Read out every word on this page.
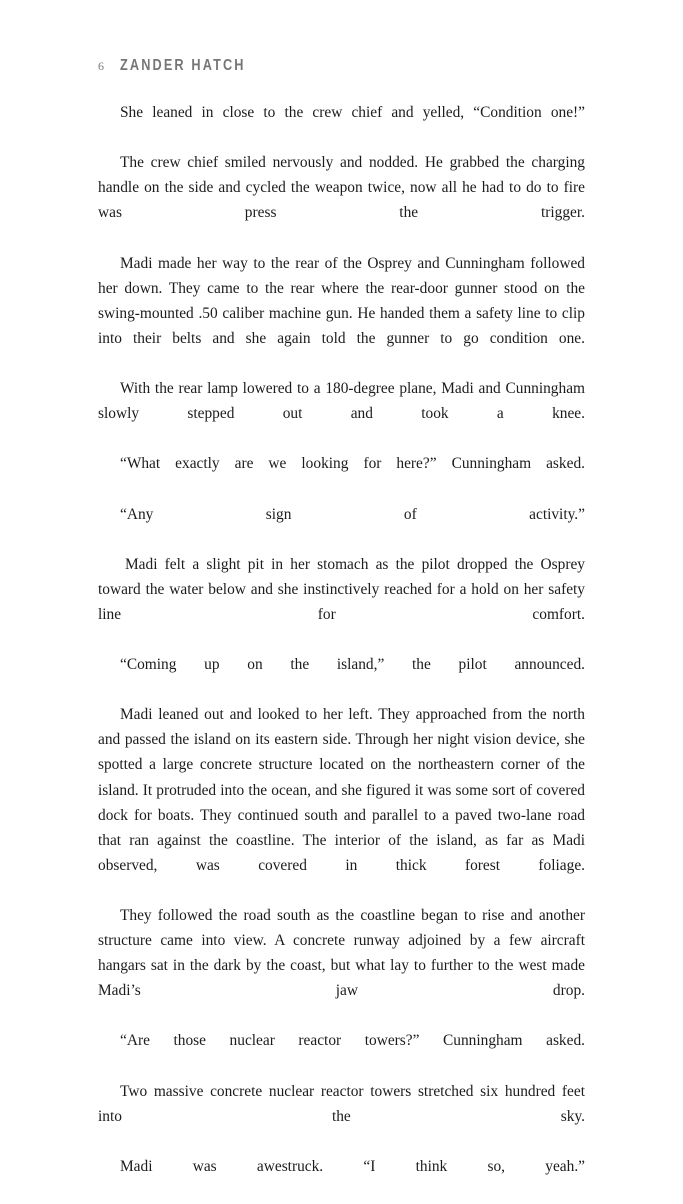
6	ZANDER HATCH

She leaned in close to the crew chief and yelled, “Condition one!”

The crew chief smiled nervously and nodded. He grabbed the charging handle on the side and cycled the weapon twice, now all he had to do to fire was press the trigger.

Madi made her way to the rear of the Osprey and Cunningham followed her down. They came to the rear where the rear-door gunner stood on the swing-mounted .50 caliber machine gun. He handed them a safety line to clip into their belts and she again told the gunner to go condition one.

With the rear lamp lowered to a 180-degree plane, Madi and Cunningham slowly stepped out and took a knee.

“What exactly are we looking for here?” Cunningham asked.

“Any sign of activity.”

Madi felt a slight pit in her stomach as the pilot dropped the Osprey toward the water below and she instinctively reached for a hold on her safety line for comfort.

“Coming up on the island,” the pilot announced.

Madi leaned out and looked to her left. They approached from the north and passed the island on its eastern side. Through her night vision device, she spotted a large concrete structure located on the northeastern corner of the island. It protruded into the ocean, and she figured it was some sort of covered dock for boats. They continued south and parallel to a paved two-lane road that ran against the coastline. The interior of the island, as far as Madi observed, was covered in thick forest foliage.

They followed the road south as the coastline began to rise and another structure came into view. A concrete runway adjoined by a few aircraft hangars sat in the dark by the coast, but what lay to further to the west made Madi’s jaw drop.

“Are those nuclear reactor towers?” Cunningham asked.

Two massive concrete nuclear reactor towers stretched six hundred feet into the sky.

Madi was awestruck. “I think so, yeah.”
